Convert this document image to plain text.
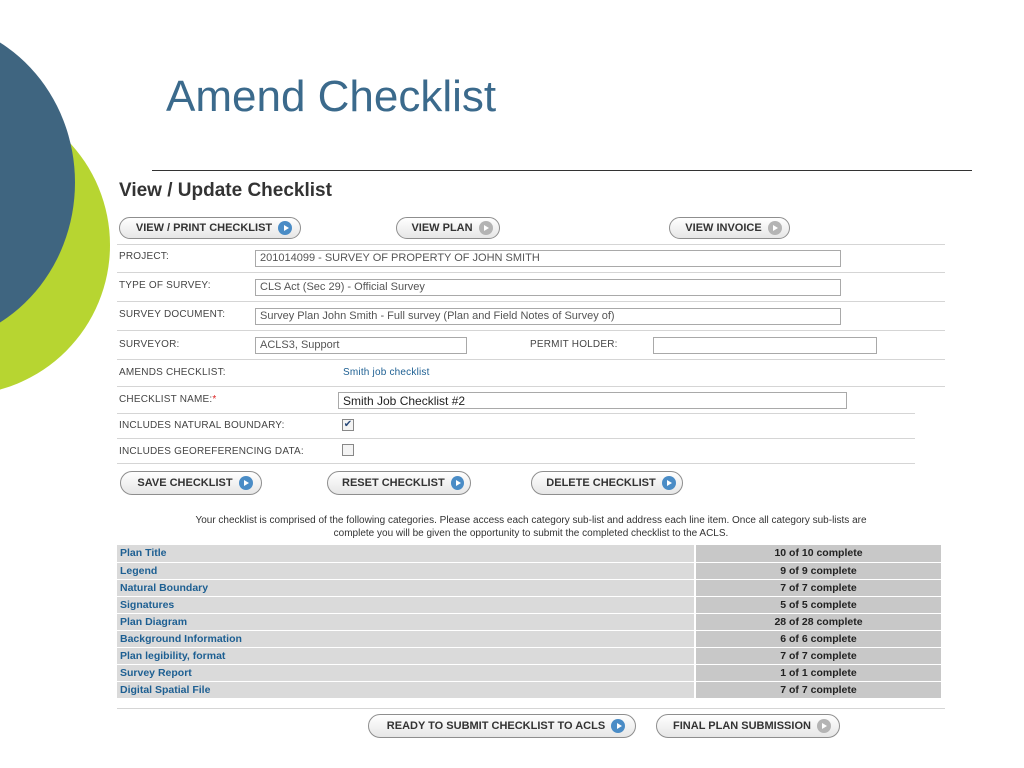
Amend Checklist
View / Update Checklist
VIEW / PRINT CHECKLIST	VIEW PLAN	VIEW INVOICE
PROJECT:	201014099 - SURVEY OF PROPERTY OF JOHN SMITH
TYPE OF SURVEY:	CLS Act (Sec 29) - Official Survey
SURVEY DOCUMENT:	Survey Plan John Smith - Full survey (Plan and Field Notes of Survey of)
SURVEYOR:	ACLS3, Support	PERMIT HOLDER:
AMENDS CHECKLIST:	Smith job checklist
CHECKLIST NAME:*	Smith Job Checklist #2
INCLUDES NATURAL BOUNDARY:	✔
INCLUDES GEOREFERENCING DATA:
SAVE CHECKLIST	RESET CHECKLIST	DELETE CHECKLIST
Your checklist is comprised of the following categories. Please access each category sub-list and address each line item. Once all category sub-lists are
complete you will be given the opportunity to submit the completed checklist to the ACLS.
Plan Title	10 of 10 complete
Legend	9 of 9 complete
Natural Boundary	7 of 7 complete
Signatures	5 of 5 complete
Plan Diagram	28 of 28 complete
Background Information	6 of 6 complete
Plan legibility, format	7 of 7 complete
Survey Report	1 of 1 complete
Digital Spatial File	7 of 7 complete
READY TO SUBMIT CHECKLIST TO ACLS	FINAL PLAN SUBMISSION
